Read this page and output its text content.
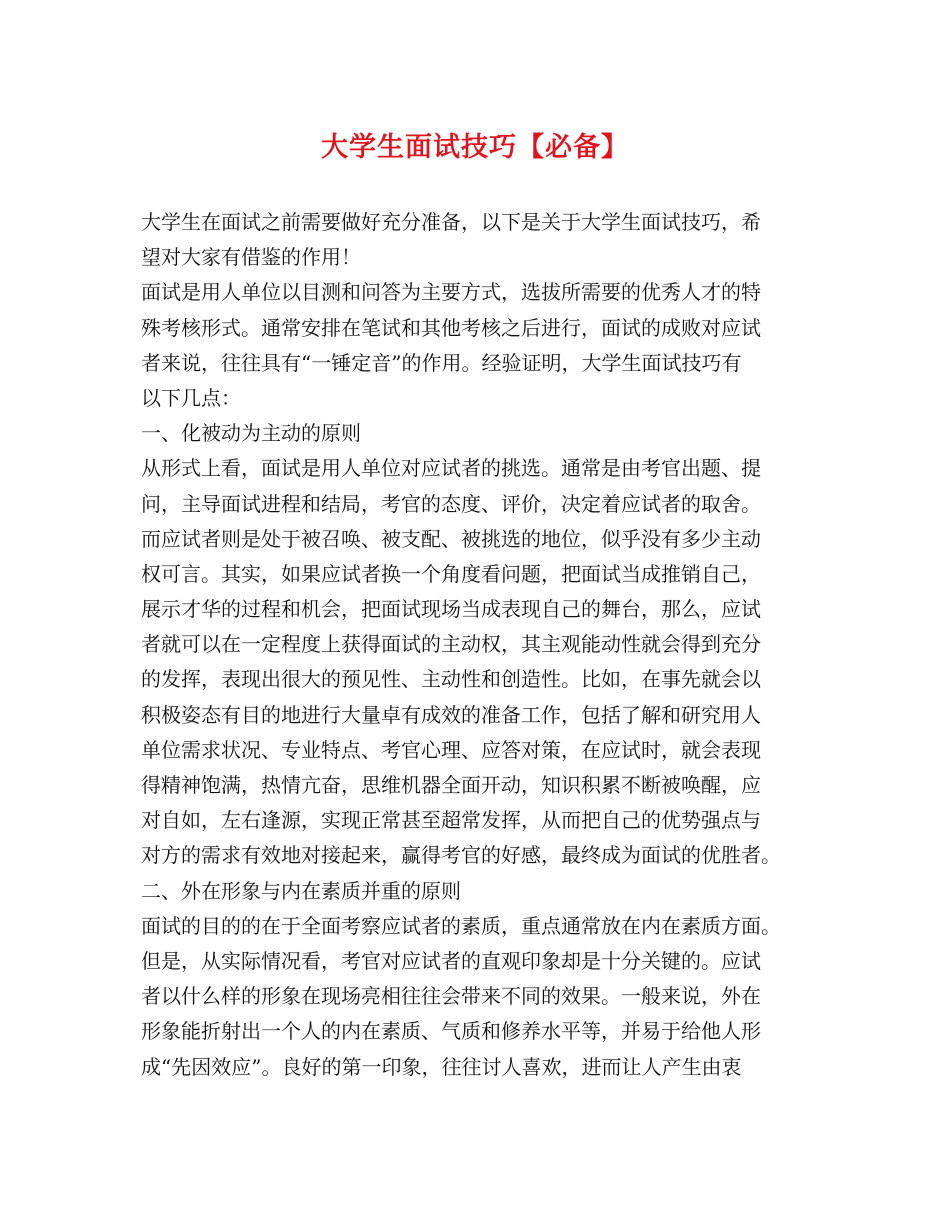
大学生面试技巧【必备】
大学生在面试之前需要做好充分准备，以下是关于大学生面试技巧，希
望对大家有借鉴的作用！
面试是用人单位以目测和问答为主要方式，选拔所需要的优秀人才的特
殊考核形式。通常安排在笔试和其他考核之后进行，面试的成败对应试
者来说，往往具有“一锤定音”的作用。经验证明，大学生面试技巧有
以下几点：
一、化被动为主动的原则
从形式上看，面试是用人单位对应试者的挑选。通常是由考官出题、提
问，主导面试进程和结局，考官的态度、评价，决定着应试者的取舍。
而应试者则是处于被召唤、被支配、被挑选的地位，似乎没有多少主动
权可言。其实，如果应试者换一个角度看问题，把面试当成推销自己，
展示才华的过程和机会，把面试现场当成表现自己的舞台，那么，应试
者就可以在一定程度上获得面试的主动权，其主观能动性就会得到充分
的发挥，表现出很大的预见性、主动性和创造性。比如，在事先就会以
积极姿态有目的地进行大量卓有成效的准备工作，包括了解和研究用人
单位需求状况、专业特点、考官心理、应答对策，在应试时，就会表现
得精神饱满，热情亢奋，思维机器全面开动，知识积累不断被唤醒，应
对自如，左右逢源，实现正常甚至超常发挥，从而把自己的优势强点与
对方的需求有效地对接起来，赢得考官的好感，最终成为面试的优胜者。
二、外在形象与内在素质并重的原则
面试的目的的在于全面考察应试者的素质，重点通常放在内在素质方面。
但是，从实际情况看，考官对应试者的直观印象却是十分关键的。应试
者以什么样的形象在现场亮相往往会带来不同的效果。一般来说，外在
形象能折射出一个人的内在素质、气质和修养水平等，并易于给他人形
成“先因效应”。良好的第一印象，往往讨人喜欢，进而让人产生由衷
